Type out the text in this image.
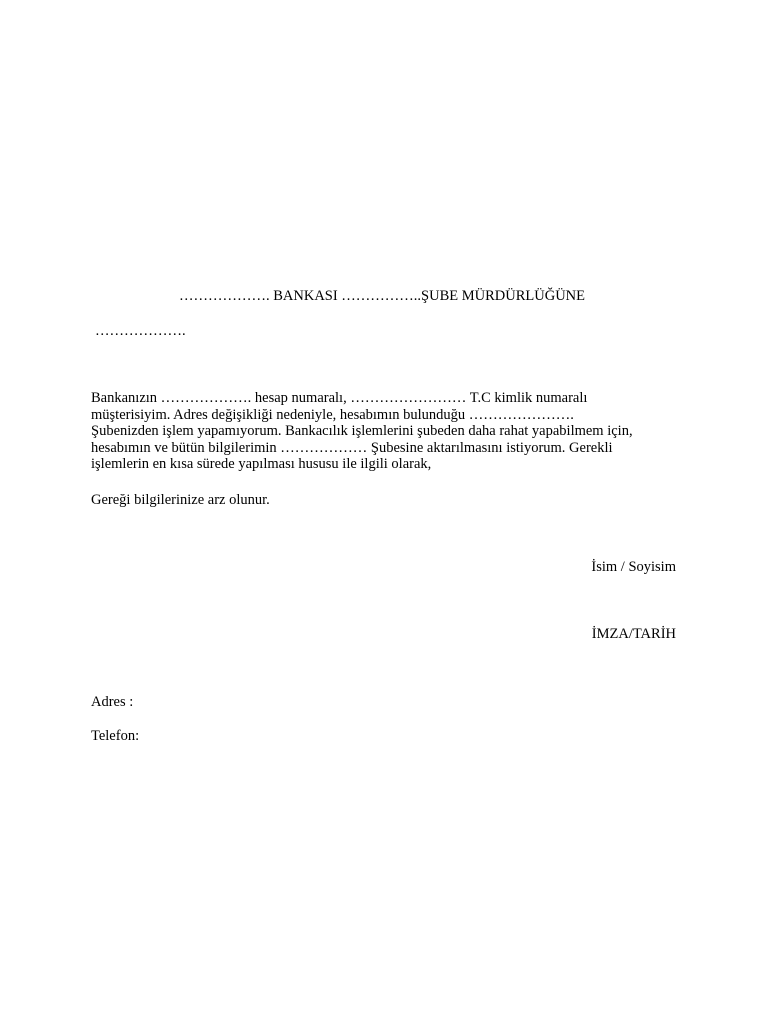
………………. BANKASI ……………..ŞUBE MÜRDÜRLÜĞÜNE
……………….
Bankanızın ………………. hesap numaralı, …………………… T.C kimlik numaralı
müşterisiyim. Adres değişikliği nedeniyle, hesabımın bulunduğu ………………….
Şubenizden işlem yapamıyorum. Bankacılık işlemlerini şubeden daha rahat yapabilmem için,
hesabımın ve bütün bilgilerimin ……………… Şubesine aktarılmasını istiyorum. Gerekli
işlemlerin en kısa sürede yapılması hususu ile ilgili olarak,
Gereği bilgilerinize arz olunur.
İsim / Soyisim
İMZA/TARİH
Adres :
Telefon:
